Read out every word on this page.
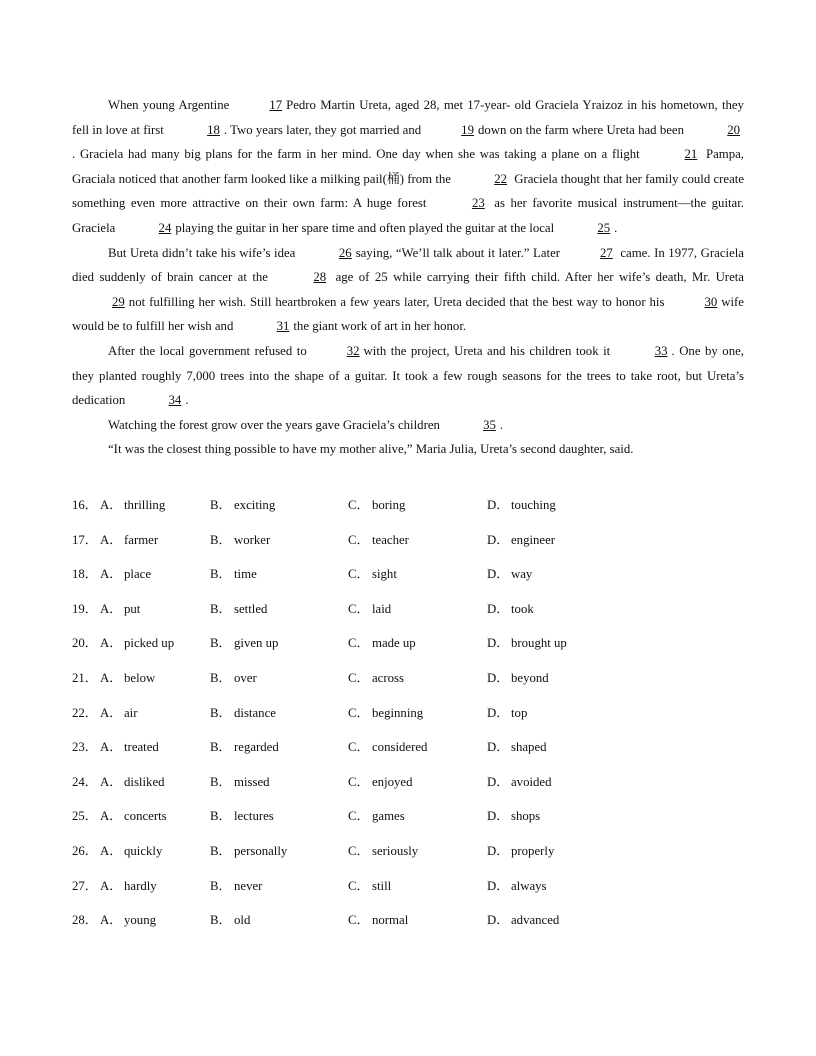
When young Argentine	17 Pedro Martin Ureta, aged 28, met 17-year- old Graciela Yraizoz in his hometown, they fell in love at first	18 . Two years later, they got married and	19 down on the farm where Ureta had been	20. Graciela had many big plans for the farm in her mind. One day when she was taking a plane on a flight	21 Pampa, Graciala noticed that another farm looked like a milking pail(桶) from the	22 Graciela thought that her family could create something even more attractive on their own farm: A huge forest	23 as her favorite musical instrument—the guitar. Graciela	24 playing the guitar in her spare time and often played the guitar at the local	25 .

But Ureta didn’t take his wife’s idea	26 saying, “We’ll talk about it later.” Later	27 came. In 1977, Graciela died suddenly of brain cancer at the	28 age of 25 while carrying their fifth child. After her wife’s death, Mr. Ureta 29 not fulfilling her wish. Still heartbroken a few years later, Ureta decided that the best way to honor his	30 wife would be to fulfill her wish and	31 the giant work of art in her honor.

After the local government refused to	32 with the project, Ureta and his children took it	33 . One by one, they planted roughly 7,000 trees into the shape of a guitar. It took a few rough seasons for the trees to take root, but Ureta’s dedication	34 .

Watching the forest grow over the years gave Graciela’s children	35 .

“It was the closest thing possible to have my mother alive,” Maria Julia, Ureta’s second daughter, said.

16． A． thrilling	B． exciting	C． boring	D． touching
17． A． farmer	B． worker	C． teacher	D． engineer
18． A． place	B． time	C． sight	D． way
19． A． put	B． settled	C． laid	D． took
20． A． picked up	B． given up	C． made up	D． brought up
21． A． below	B． over	C． across	D． beyond
22． A． air	B． distance	C． beginning	D． top
23． A． treated	B． regarded	C． considered	D． shaped
24． A． disliked	B． missed	C． enjoyed	D． avoided
25． A． concerts	B． lectures	C． games	D． shops
26． A． quickly	B． personally	C． seriously	D． properly
27． A． hardly	B． never	C． still	D． always
28． A． young	B． old	C． normal	D． advanced
